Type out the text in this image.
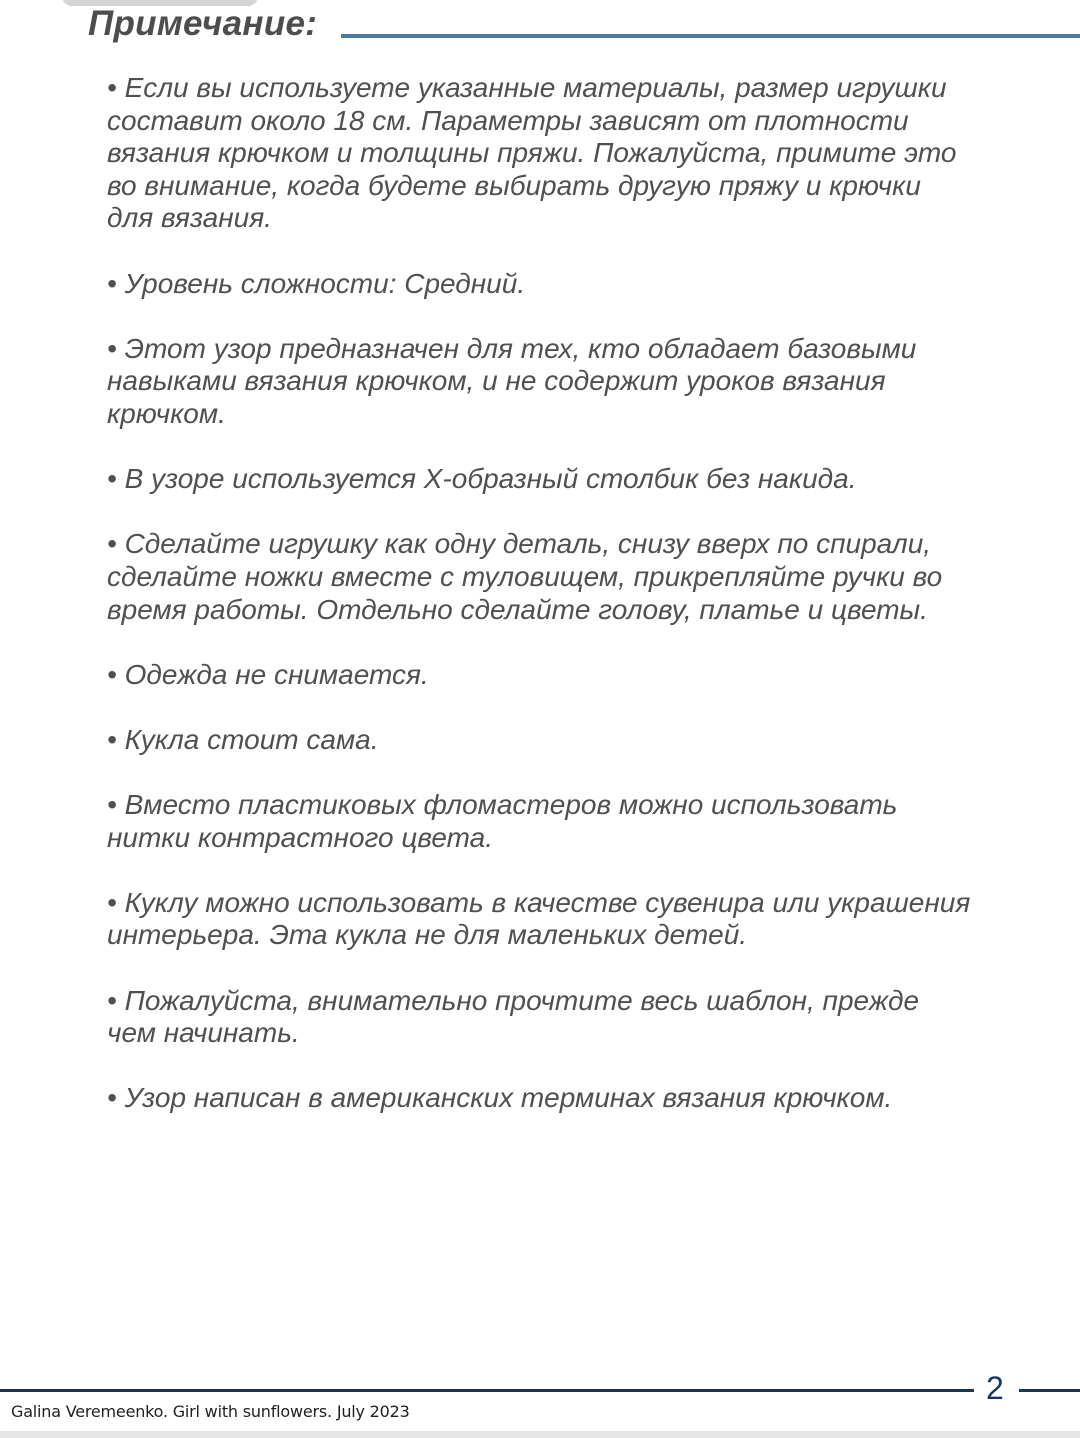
Примечание:

• Если вы используете указанные материалы, размер игрушки
составит около 18 см. Параметры зависят от плотности
вязания крючком и толщины пряжи. Пожалуйста, примите это
во внимание, когда будете выбирать другую пряжу и крючки
для вязания.

• Уровень сложности: Средний.

• Этот узор предназначен для тех, кто обладает базовыми
навыками вязания крючком, и не содержит уроков вязания
крючком.

• В узоре используется Х-образный столбик без накида.

• Сделайте игрушку как одну деталь, снизу вверх по спирали,
сделайте ножки вместе с туловищем, прикрепляйте ручки во
время работы. Отдельно сделайте голову, платье и цветы.

• Одежда не снимается.

• Кукла стоит сама.

• Вместо пластиковых фломастеров можно использовать
нитки контрастного цвета.

• Куклу можно использовать в качестве сувенира или украшения
интерьера. Эта кукла не для маленьких детей.

• Пожалуйста, внимательно прочтите весь шаблон, прежде
чем начинать.

• Узор написан в американских терминах вязания крючком.

2
Galina Veremeenko. Girl with sunflowers. July 2023
